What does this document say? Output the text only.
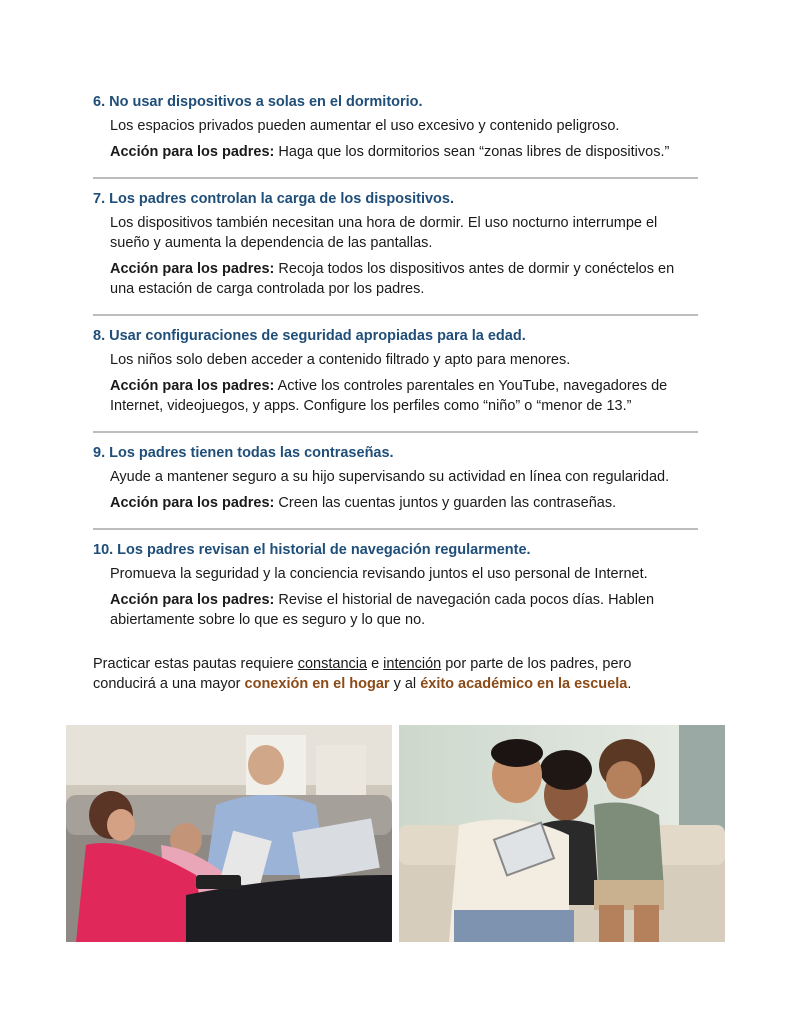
6. No usar dispositivos a solas en el dormitorio.

Los espacios privados pueden aumentar el uso excesivo y contenido peligroso.

Acción para los padres: Haga que los dormitorios sean “zonas libres de dispositivos.”

7. Los padres controlan la carga de los dispositivos.

Los dispositivos también necesitan una hora de dormir. El uso nocturno interrumpe el sueño y aumenta la dependencia de las pantallas.

Acción para los padres: Recoja todos los dispositivos antes de dormir y conéctelos en una estación de carga controlada por los padres.

8. Usar configuraciones de seguridad apropiadas para la edad.

Los niños solo deben acceder a contenido filtrado y apto para menores.

Acción para los padres: Active los controles parentales en YouTube, navegadores de Internet, videojuegos, y apps. Configure los perfiles como “niño” o “menor de 13.”

9. Los padres tienen todas las contraseñas.

Ayude a mantener seguro a su hijo supervisando su actividad en línea con regularidad.

Acción para los padres: Creen las cuentas juntos y guarden las contraseñas.

10. Los padres revisan el historial de navegación regularmente.

Promueva la seguridad y la conciencia revisando juntos el uso personal de Internet.

Acción para los padres: Revise el historial de navegación cada pocos días. Hablen abiertamente sobre lo que es seguro y lo que no.

Practicar estas pautas requiere constancia e intención por parte de los padres, pero conducirá a una mayor conexión en el hogar y al éxito académico en la escuela.
